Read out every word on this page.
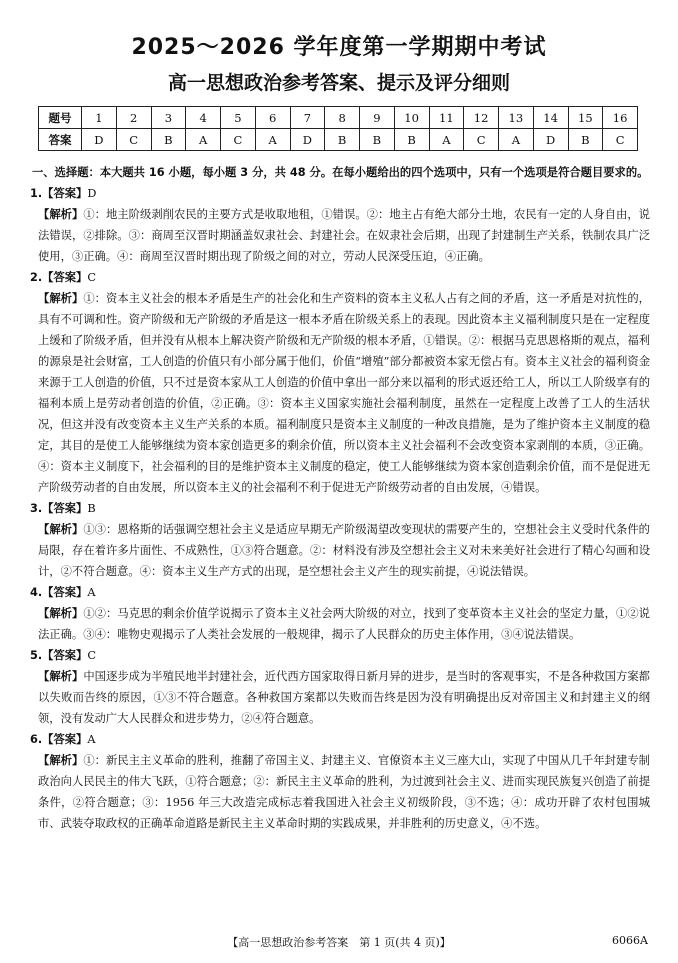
2025～2026 学年度第一学期期中考试
高一思想政治参考答案、提示及评分细则
题号	1	2	3	4	5	6	7	8	9	10	11	12	13	14	15	16
答案	D	C	B	A	C	A	D	B	B	B	A	C	A	D	B	C

一、选择题：本大题共 16 小题，每小题 3 分，共 48 分。在每小题给出的四个选项中，只有一个选项是符合题目要求的。

1.【答案】D

【解析】①：地主阶级剥削农民的主要方式是收取地租，①错误。②：地主占有绝大部分土地，农民有一定的人身自由，说法错误，②排除。③：商周至汉晋时期涵盖奴隶社会、封建社会。在奴隶社会后期，出现了封建制生产关系，铁制农具广泛使用，③正确。④：商周至汉晋时期出现了阶级之间的对立，劳动人民深受压迫，④正确。

2.【答案】C

【解析】①：资本主义社会的根本矛盾是生产的社会化和生产资料的资本主义私人占有之间的矛盾，这一矛盾是对抗性的，具有不可调和性。资产阶级和无产阶级的矛盾是这一根本矛盾在阶级关系上的表现。因此资本主义福利制度只是在一定程度上缓和了阶级矛盾，但并没有从根本上解决资产阶级和无产阶级的根本矛盾，①错误。②：根据马克思恩格斯的观点，福利的源泉是社会财富，工人创造的价值只有小部分属于他们，价值“增殖”部分都被资本家无偿占有。资本主义社会的福利资金来源于工人创造的价值，只不过是资本家从工人创造的价值中拿出一部分来以福利的形式返还给工人，所以工人阶级享有的福利本质上是劳动者创造的价值，②正确。③：资本主义国家实施社会福利制度，虽然在一定程度上改善了工人的生活状况，但这并没有改变资本主义生产关系的本质。福利制度只是资本主义制度的一种改良措施，是为了维护资本主义制度的稳定，其目的是使工人能够继续为资本家创造更多的剩余价值，所以资本主义社会福利不会改变资本家剥削的本质，③正确。④：资本主义制度下，社会福利的目的是维护资本主义制度的稳定，使工人能够继续为资本家创造剩余价值，而不是促进无产阶级劳动者的自由发展，所以资本主义的社会福利不利于促进无产阶级劳动者的自由发展，④错误。

3.【答案】B

【解析】①③：恩格斯的话强调空想社会主义是适应早期无产阶级渴望改变现状的需要产生的，空想社会主义受时代条件的局限，存在着许多片面性、不成熟性，①③符合题意。②：材料没有涉及空想社会主义对未来美好社会进行了精心勾画和设计，②不符合题意。④：资本主义生产方式的出现，是空想社会主义产生的现实前提，④说法错误。

4.【答案】A

【解析】①②：马克思的剩余价值学说揭示了资本主义社会两大阶级的对立，找到了变革资本主义社会的坚定力量，①②说法正确。③④：唯物史观揭示了人类社会发展的一般规律，揭示了人民群众的历史主体作用，③④说法错误。

5.【答案】C

【解析】中国逐步成为半殖民地半封建社会，近代西方国家取得日新月异的进步，是当时的客观事实，不是各种救国方案都以失败而告终的原因，①③不符合题意。各种救国方案都以失败而告终是因为没有明确提出反对帝国主义和封建主义的纲领，没有发动广大人民群众和进步势力，②④符合题意。

6.【答案】A

【解析】①：新民主主义革命的胜利，推翻了帝国主义、封建主义、官僚资本主义三座大山，实现了中国从几千年封建专制政治向人民民主的伟大飞跃，①符合题意；②：新民主主义革命的胜利，为过渡到社会主义、进而实现民族复兴创造了前提条件，②符合题意；③：1956 年三大改造完成标志着我国进入社会主义初级阶段，③不选；④：成功开辟了农村包围城市、武装夺取政权的正确革命道路是新民主主义革命时期的实践成果，并非胜利的历史意义，④不选。

【高一思想政治参考答案　第 1 页(共 4 页)】	6066A
